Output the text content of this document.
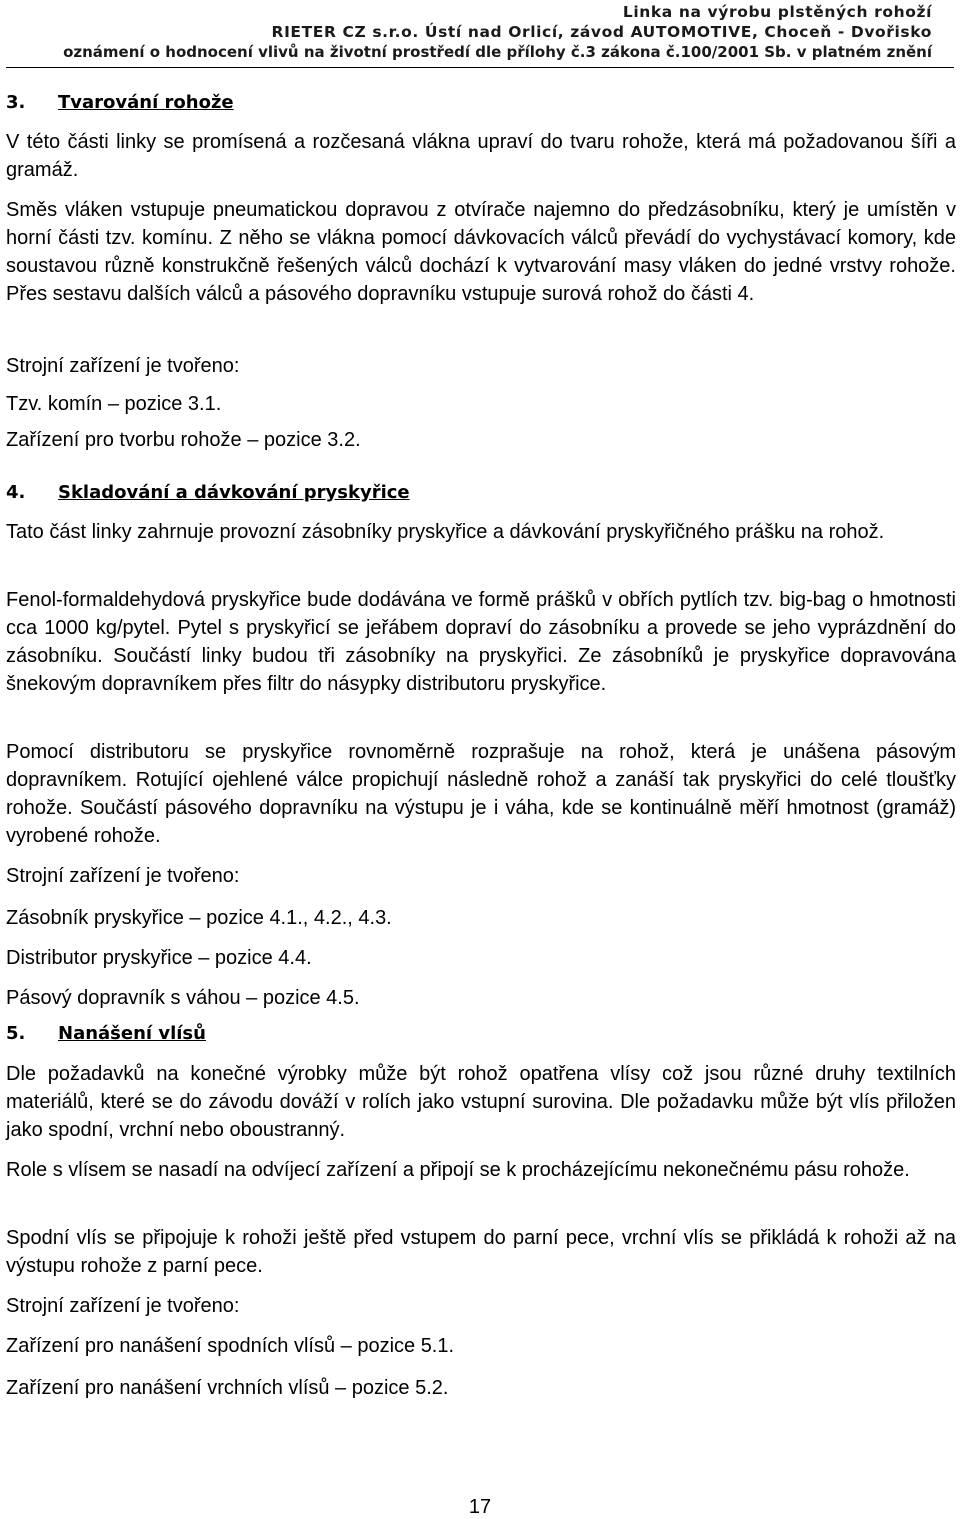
Linka na výrobu plstěných rohoží
RIETER CZ s.r.o. Ústí nad Orlicí, závod AUTOMOTIVE, Choceň - Dvořisko
oznámení o hodnocení vlivů na životní prostředí dle přílohy č.3 zákona č.100/2001 Sb. v platném znění
3. Tvarování rohože
V této části linky se promísená a rozčesaná vlákna upraví do tvaru rohože, která má požadovanou šíři a gramáž.
Směs vláken vstupuje pneumatickou dopravou z otvírače najemno do předzásobníku, který je umístěn v horní části tzv. komínu. Z něho se vlákna pomocí dávkovacích válců převádí do vychystávací komory, kde soustavou různě konstrukčně řešených válců dochází k vytvarování masy vláken do jedné vrstvy rohože. Přes sestavu dalších válců a pásového dopravníku vstupuje surová rohož do části 4.
Strojní zařízení je tvořeno:
Tzv. komín – pozice 3.1.
Zařízení pro tvorbu rohože – pozice 3.2.
4. Skladování a dávkování pryskyřice
Tato část linky zahrnuje provozní zásobníky pryskyřice a dávkování pryskyřičného prášku na rohož.
Fenol-formaldehydová pryskyřice bude dodávána ve formě prášků v obřích pytlích tzv. big-bag o hmotnosti cca 1000 kg/pytel. Pytel s pryskyřicí se jeřábem dopraví do zásobníku a provede se jeho vyprázdnění do zásobníku. Součástí linky budou tři zásobníky na pryskyřici. Ze zásobníků je pryskyřice dopravována šnekovým dopravníkem přes filtr do násypky distributoru pryskyřice.
Pomocí distributoru se pryskyřice rovnoměrně rozprašuje na rohož, která je unášena pásovým dopravníkem. Rotující ojehlené válce propichují následně rohož a zanáší tak pryskyřici do celé tloušťky rohože. Součástí pásového dopravníku na výstupu je i váha, kde se kontinuálně měří hmotnost (gramáž) vyrobené rohože.
Strojní zařízení je tvořeno:
Zásobník pryskyřice – pozice 4.1., 4.2., 4.3.
Distributor pryskyřice – pozice 4.4.
Pásový dopravník s váhou – pozice 4.5.
5. Nanášení vlísů
Dle požadavků na konečné výrobky může být rohož opatřena vlísy což jsou různé druhy textilních materiálů, které se do závodu dováží v rolích jako vstupní surovina. Dle požadavku může být vlís přiložen jako spodní, vrchní nebo oboustranný.
Role s vlísem se nasadí na odvíjecí zařízení a připojí se k procházejícímu nekonečnému pásu rohože.
Spodní vlís se připojuje k rohoži ještě před vstupem do parní pece, vrchní vlís se přikládá k rohoži až na výstupu rohože z parní pece.
Strojní zařízení je tvořeno:
Zařízení pro nanášení spodních vlísů – pozice 5.1.
Zařízení pro nanášení vrchních vlísů – pozice 5.2.
17
